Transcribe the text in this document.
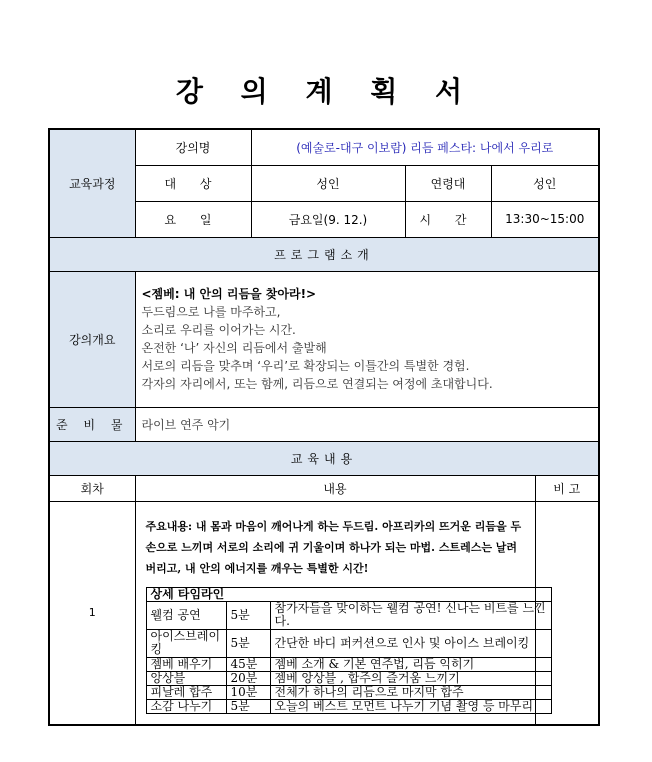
강 의 계 획 서
교육과정	강의명	(예술로-대구 이보람) 리듬 페스타: 나에서 우리로
대 상	성인	연령대	성인
요 일	금요일(9. 12.)	시 간	13:30~15:00
프로그램소개
강의개요	
<젬베: 내 안의 리듬을 찾아라!>
두드림으로 나를 마주하고,
소리로 우리를 이어가는 시간.
온전한 ‘나’ 자신의 리듬에서 출발해
서로의 리듬을 맞추며 ‘우리’로 확장되는 이틀간의 특별한 경험.
각자의 자리에서, 또는 함께, 리듬으로 연결되는 여정에 초대합니다.

준 비 물	라이브 연주 악기
교육내용
회차	내용	비 고
1	

주요내용: 내 몸과 마음이 깨어나게 하는 두드림. 아프리카의 뜨거운 리듬을 두 손으로 느끼며 서로의 소리에 귀 기울이며 하나가 되는 마법. 스트레스는 날려버리고, 내 안의 에너지를 깨우는 특별한 시간!

상세 타임라인
웰컴 공연	5분	참가자들을 맞이하는 웰컴 공연! 신나는 비트를 느낀다.
아이스브레이킹	5분	간단한 바디 퍼커션으로 인사 및 아이스 브레이킹
젬베 배우기	45분	젬베 소개 & 기본 연주법, 리듬 익히기
앙상블	20분	젬베 앙상블 , 합주의 즐거움 느끼기
피날레 합주	10분	전체가 하나의 리듬으로 마지막 합주
소감 나누기	5분	오늘의 베스트 모먼트 나누기 기념 촬영 등 마무리
